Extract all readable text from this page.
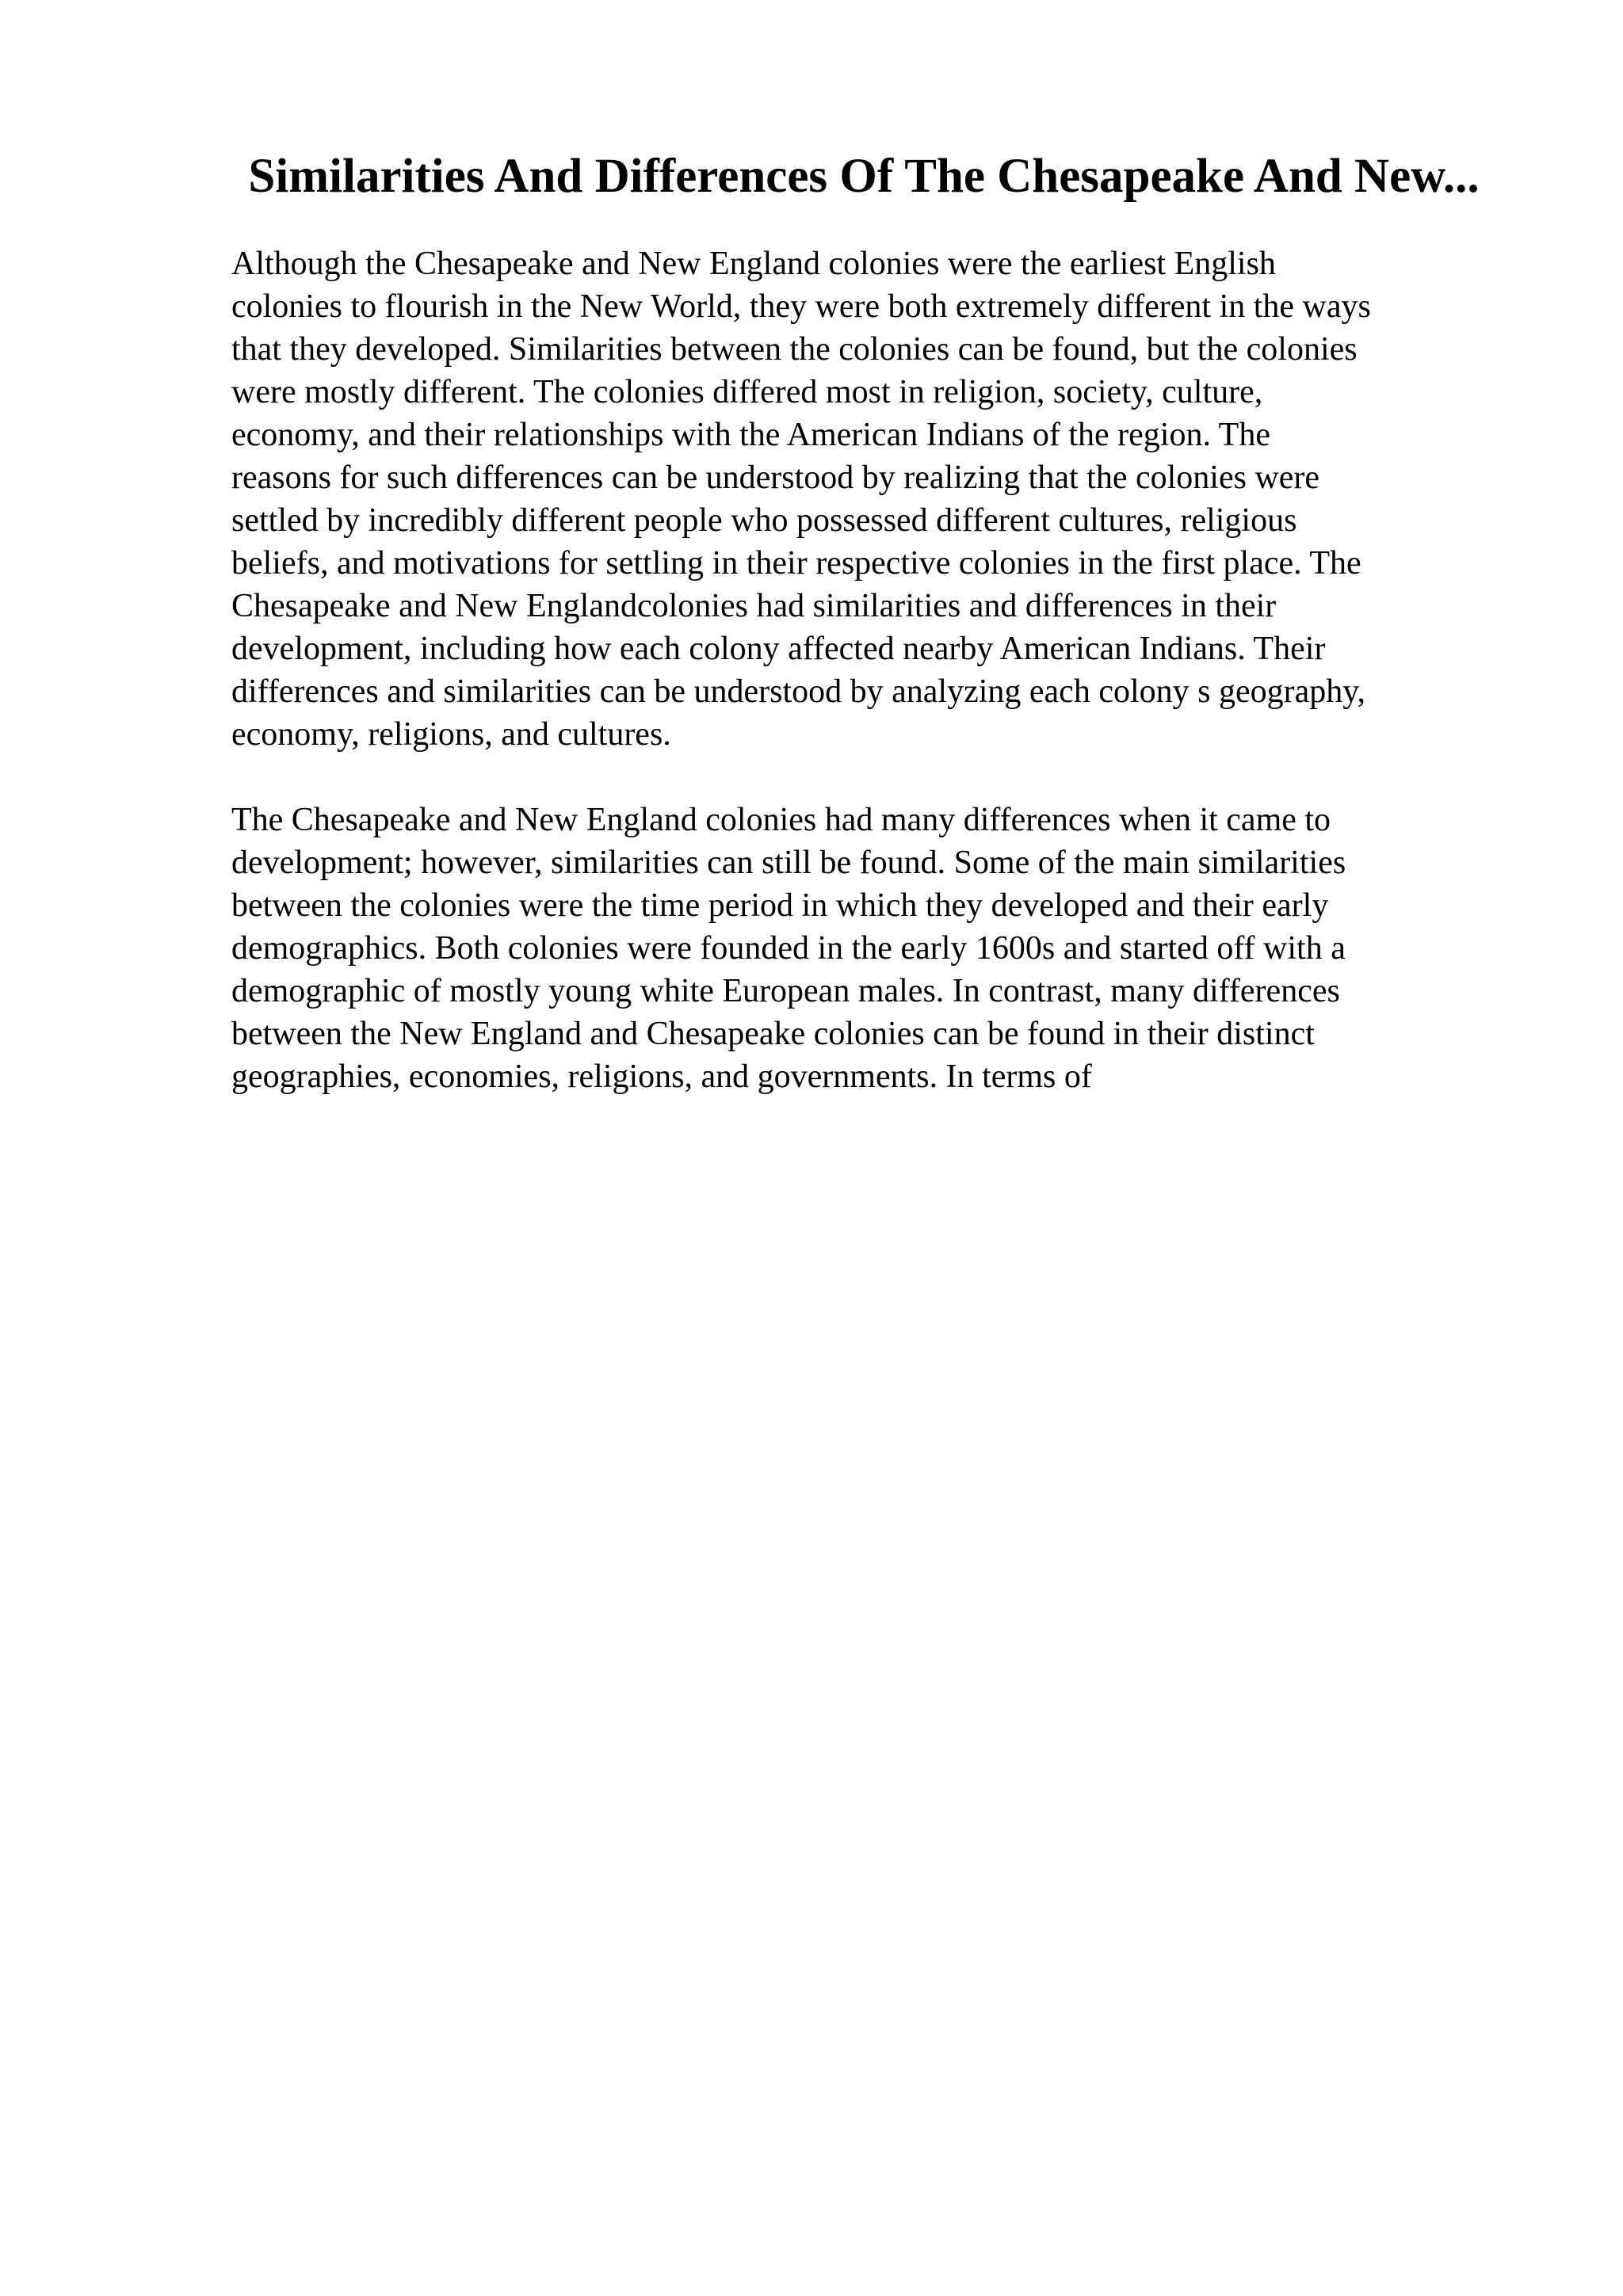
Similarities And Differences Of The Chesapeake And New...

Although the Chesapeake and New England colonies were the earliest English
colonies to flourish in the New World, they were both extremely different in the ways
that they developed. Similarities between the colonies can be found, but the colonies
were mostly different. The colonies differed most in religion, society, culture,
economy, and their relationships with the American Indians of the region. The
reasons for such differences can be understood by realizing that the colonies were
settled by incredibly different people who possessed different cultures, religious
beliefs, and motivations for settling in their respective colonies in the first place. The
Chesapeake and New Englandcolonies had similarities and differences in their
development, including how each colony affected nearby American Indians. Their
differences and similarities can be understood by analyzing each colony s geography,
economy, religions, and cultures.

The Chesapeake and New England colonies had many differences when it came to
development; however, similarities can still be found. Some of the main similarities
between the colonies were the time period in which they developed and their early
demographics. Both colonies were founded in the early 1600s and started off with a
demographic of mostly young white European males. In contrast, many differences
between the New England and Chesapeake colonies can be found in their distinct
geographies, economies, religions, and governments. In terms of
